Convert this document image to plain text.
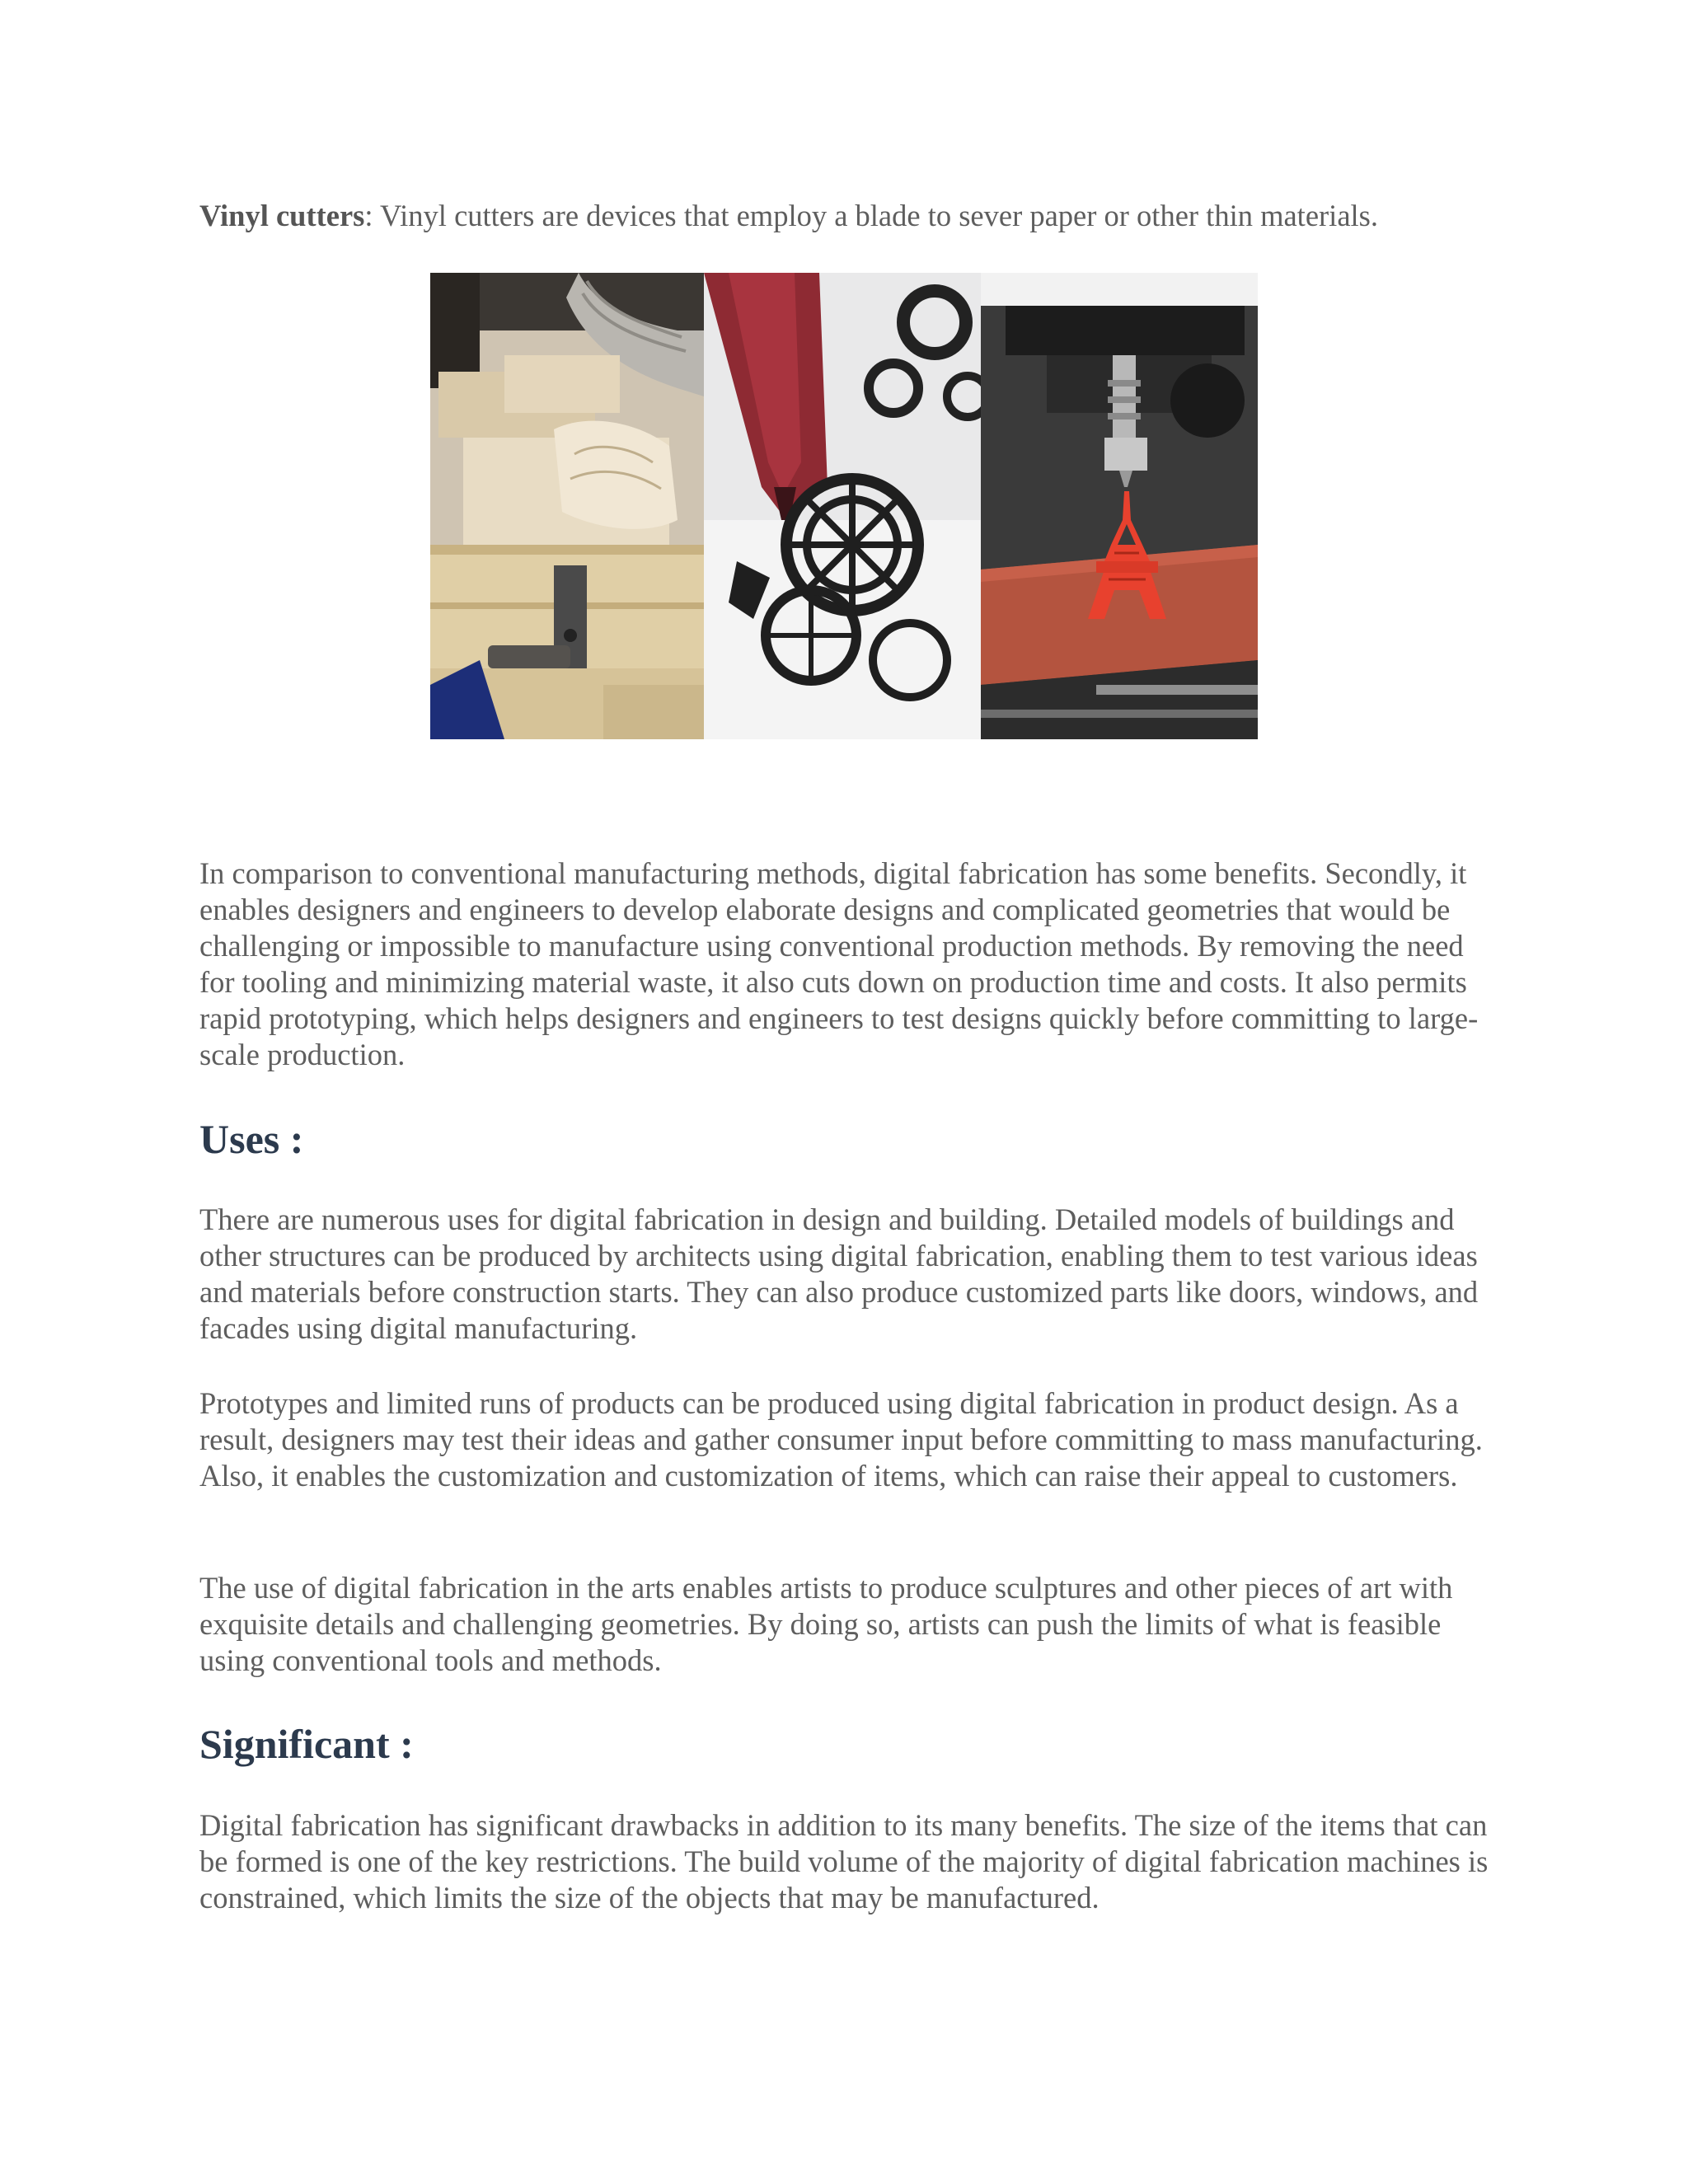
Vinyl cutters: Vinyl cutters are devices that employ a blade to sever paper or other thin materials.

In comparison to conventional manufacturing methods, digital fabrication has some benefits. Secondly, it enables designers and engineers to develop elaborate designs and complicated geometries that would be challenging or impossible to manufacture using conventional production methods. By removing the need for tooling and minimizing material waste, it also cuts down on production time and costs. It also permits rapid prototyping, which helps designers and engineers to test designs quickly before committing to large-scale production.

Uses :

There are numerous uses for digital fabrication in design and building. Detailed models of buildings and other structures can be produced by architects using digital fabrication, enabling them to test various ideas and materials before construction starts. They can also produce customized parts like doors, windows, and facades using digital manufacturing.

Prototypes and limited runs of products can be produced using digital fabrication in product design. As a result, designers may test their ideas and gather consumer input before committing to mass manufacturing. Also, it enables the customization and customization of items, which can raise their appeal to customers.

The use of digital fabrication in the arts enables artists to produce sculptures and other pieces of art with exquisite details and challenging geometries. By doing so, artists can push the limits of what is feasible using conventional tools and methods.

Significant :

Digital fabrication has significant drawbacks in addition to its many benefits. The size of the items that can be formed is one of the key restrictions. The build volume of the majority of digital fabrication machines is constrained, which limits the size of the objects that may be manufactured.
